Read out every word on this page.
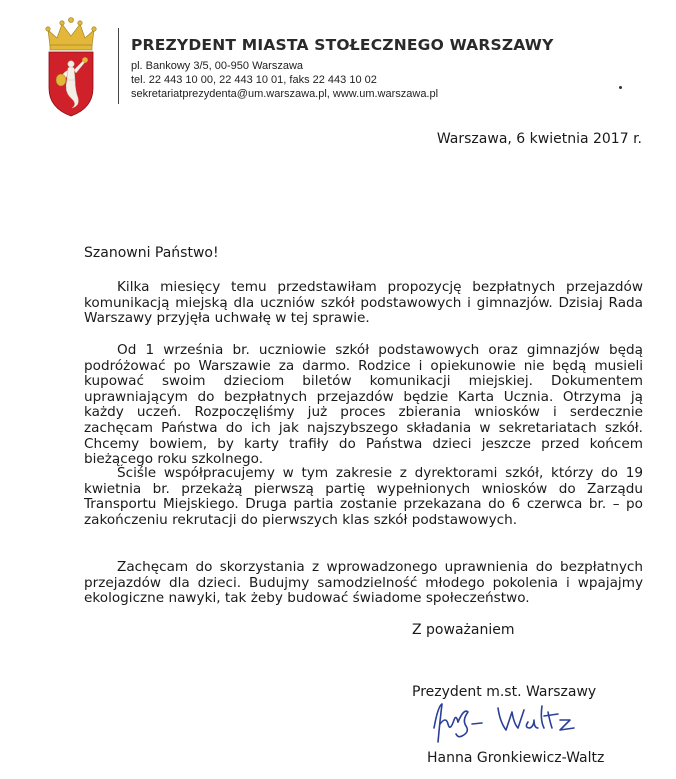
PREZYDENT MIASTA STOŁECZNEGO WARSZAWY
pl. Bankowy 3/5, 00-950 Warszawa
tel. 22 443 10 00, 22 443 10 01, faks 22 443 10 02
sekretariatprezydenta@um.warszawa.pl, www.um.warszawa.pl
Warszawa, 6 kwietnia 2017 r.
Szanowni Państwo!
Kilka miesięcy temu przedstawiłam propozycję bezpłatnych przejazdów komunikacją miejską dla uczniów szkół podstawowych i gimnazjów. Dzisiaj Rada Warszawy przyjęła uchwałę w tej sprawie.
Od 1 września br. uczniowie szkół podstawowych oraz gimnazjów będą podróżować po Warszawie za darmo. Rodzice i opiekunowie nie będą musieli kupować swoim dzieciom biletów komunikacji miejskiej. Dokumentem uprawniającym do bezpłatnych przejazdów będzie Karta Ucznia. Otrzyma ją każdy uczeń. Rozpoczęliśmy już proces zbierania wniosków i serdecznie zachęcam Państwa do ich jak najszybszego składania w sekretariatach szkół. Chcemy bowiem, by karty trafiły do Państwa dzieci jeszcze przed końcem bieżącego roku szkolnego.
Ściśle współpracujemy w tym zakresie z dyrektorami szkół, którzy do 19 kwietnia br. przekażą pierwszą partię wypełnionych wniosków do Zarządu Transportu Miejskiego. Druga partia zostanie przekazana do 6 czerwca br. – po zakończeniu rekrutacji do pierwszych klas szkół podstawowych.
Zachęcam do skorzystania z wprowadzonego uprawnienia do bezpłatnych przejazdów dla dzieci. Budujmy samodzielność młodego pokolenia i wpajajmy ekologiczne nawyki, tak żeby budować świadome społeczeństwo.
Z poważaniem
Prezydent m.st. Warszawy
Hanna Gronkiewicz-Waltz
